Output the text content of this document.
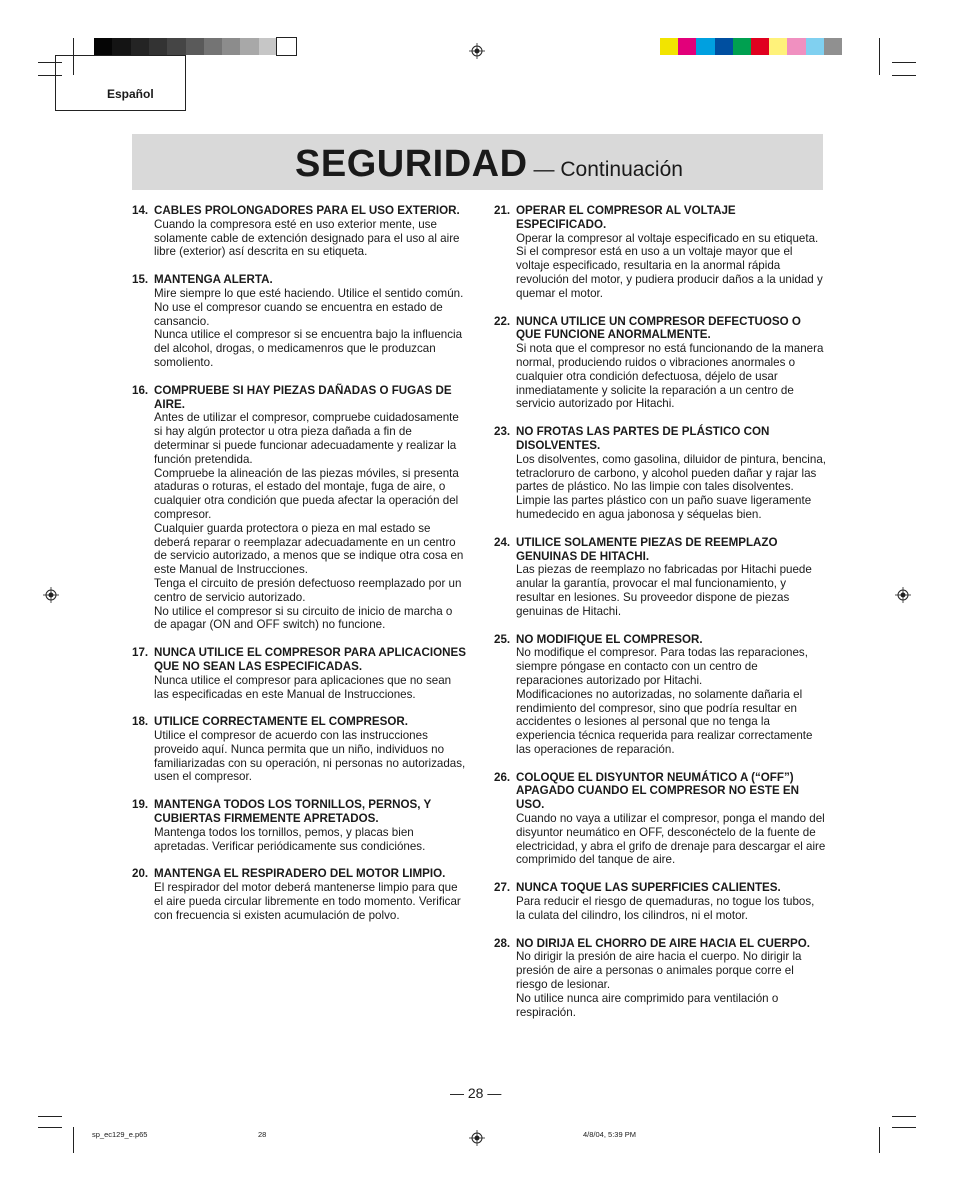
Español
SEGURIDAD — Continuación
14. CABLES PROLONGADORES PARA EL USO EXTERIOR.

Cuando la compresora esté en uso exterior mente, use solamente cable de extención designado para el uso al aire libre (exterior) así descrita en su etiqueta.

15. MANTENGA ALERTA.

Mire siempre lo que esté haciendo. Utilice el sentido común. No use el compresor cuando se encuentra en estado de cansancio.

Nunca utilice el compresor si se encuentra bajo la influencia del alcohol, drogas, o medicamenros que le produzcan somoliento.

16. COMPRUEBE SI HAY PIEZAS DAÑADAS O FUGAS DE AIRE.

Antes de utilizar el compresor, compruebe cuidadosamente si hay algún protector u otra pieza dañada a fin de determinar si puede funcionar adecuadamente y realizar la función pretendida.

Compruebe la alineación de las piezas móviles, si presenta ataduras o roturas, el estado del montaje, fuga de aire, o cualquier otra condición que pueda afectar la operación del compresor.

Cualquier guarda protectora o pieza en mal estado se deberá reparar o reemplazar adecuadamente en un centro de servicio autorizado, a menos que se indique otra cosa en este Manual de Instrucciones.

Tenga el circuito de presión defectuoso reemplazado por un centro de servicio autorizado.

No utilice el compresor si su circuito de inicio de marcha o de apagar (ON and OFF switch) no funcione.

17. NUNCA UTILICE EL COMPRESOR PARA APLICACIONES QUE NO SEAN LAS ESPECIFICADAS.

Nunca utilice el compresor para aplicaciones que no sean las especificadas en este Manual de Instrucciones.

18. UTILICE CORRECTAMENTE EL COMPRESOR.

Utilice el compresor de acuerdo con las instrucciones proveido aquí. Nunca permita que un niño, individuos no familiarizadas con su operación, ni personas no autorizadas, usen el compresor.

19. MANTENGA TODOS LOS TORNILLOS, PERNOS, Y CUBIERTAS FIRMEMENTE APRETADOS.

Mantenga todos los tornillos, pemos, y placas bien apretadas. Verificar periódicamente sus condiciónes.

20. MANTENGA EL RESPIRADERO DEL MOTOR LIMPIO.

El respirador del motor deberá mantenerse limpio para que el aire pueda circular libremente en todo momento. Verificar con frecuencia si existen acumulación de polvo.

21. OPERAR EL COMPRESOR AL VOLTAJE ESPECIFICADO.

Operar la compresor al voltaje especificado en su etiqueta.

Si el compresor está en uso a un voltaje mayor que el voltaje especificado, resultaria en la anormal rápida revolución del motor, y pudiera producir daños a la unidad y quemar el motor.

22. NUNCA UTILICE UN COMPRESOR DEFECTUOSO O QUE FUNCIONE ANORMALMENTE.

Si nota que el compresor no está funcionando de la manera normal, produciendo ruidos o vibraciones anormales o cualquier otra condición defectuosa, déjelo de usar inmediatamente y solicite la reparación a un centro de servicio autorizado por Hitachi.

23. NO FROTAS LAS PARTES DE PLÁSTICO CON DISOLVENTES.

Los disolventes, como gasolina, diluidor de pintura, bencina, tetracloruro de carbono, y alcohol pueden dañar y rajar las partes de plástico. No las limpie con tales disolventes. Limpie las partes plástico con un paño suave ligeramente humedecido en agua jabonosa y séquelas bien.

24. UTILICE SOLAMENTE PIEZAS DE REEMPLAZO GENUINAS DE HITACHI.

Las piezas de reemplazo no fabricadas por Hitachi puede anular la garantía, provocar el mal funcionamiento, y resultar en lesiones. Su proveedor dispone de piezas genuinas de Hitachi.

25. NO MODIFIQUE EL COMPRESOR.

No modifique el compresor. Para todas las reparaciones, siempre póngase en contacto con un centro de reparaciones autorizado por Hitachi.

Modificaciones no autorizadas, no solamente dañaria el rendimiento del compresor, sino que podría resultar en accidentes o lesiones al personal que no tenga la experiencia técnica requerida para realizar correctamente las operaciones de reparación.

26. COLOQUE EL DISYUNTOR NEUMÁTICO A (“OFF”) APAGADO CUANDO EL COMPRESOR NO ESTE EN USO.

Cuando no vaya a utilizar el compresor, ponga el mando del disyuntor neumático en OFF, desconéctelo de la fuente de electricidad, y abra el grifo de drenaje para descargar el aire comprimido del tanque de aire.

27. NUNCA TOQUE LAS SUPERFICIES CALIENTES.

Para reducir el riesgo de quemaduras, no togue los tubos, la culata del cilindro, los cilindros, ni el motor.

28. NO DIRIJA EL CHORRO DE AIRE HACIA EL CUERPO.

No dirigir la presión de aire hacia el cuerpo. No dirigir la presión de aire a personas o animales porque corre el riesgo de lesionar.

No utilice nunca aire comprimido para ventilación o respiración.

— 28 —
sp_ec129_e.p65	28	4/8/04, 5:39 PM
